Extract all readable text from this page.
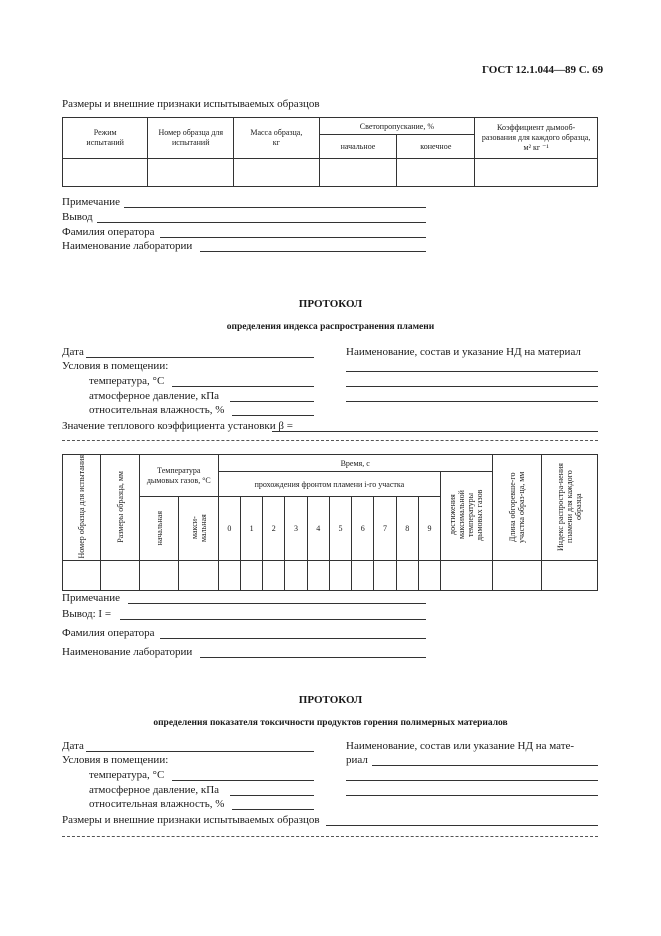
ГОСТ 12.1.044—89 С. 69
Размеры и внешние признаки испытываемых образцов
Режим испытаний	Номер образца для испытаний	Масса образца, кг	Светопропускание, %		Коэффициент дымооб-разования для каждого образца, м² кг ⁻¹
			начальное	конечное	

Примечание
Вывод
Фамилия оператора
Наименование лаборатории
ПРОТОКОЛ
определения индекса распространения пламени
Дата	Наименование, состав и указание НД на материал
Условия в помещении:
температура, °С
атмосферное давление, кПа
относительная влажность, %
Значение теплового коэффициента установки β =
Номер образца для испытания	Размеры образца, мм	Температура дымовых газов, °С		Время, с											Длина обгоревше-го участка образ-ца, мм	Индекс распростра-нения пламени для каждого образца
				прохождения фронтом пламени i-го участка										достижения максимальной температуры дымовых газов		
		начальная	макси-мальная	0	1	2	3	4	5	6	7	8	9			

Примечание
Вывод: I =
Фамилия оператора
Наименование лаборатории
ПРОТОКОЛ
определения показателя токсичности продуктов горения полимерных материалов
Дата	Наименование, состав или указание НД на мате-
Условия в помещении:	риал
температура, °С
атмосферное давление, кПа
относительная влажность, %
Размеры и внешние признаки испытываемых образцов
